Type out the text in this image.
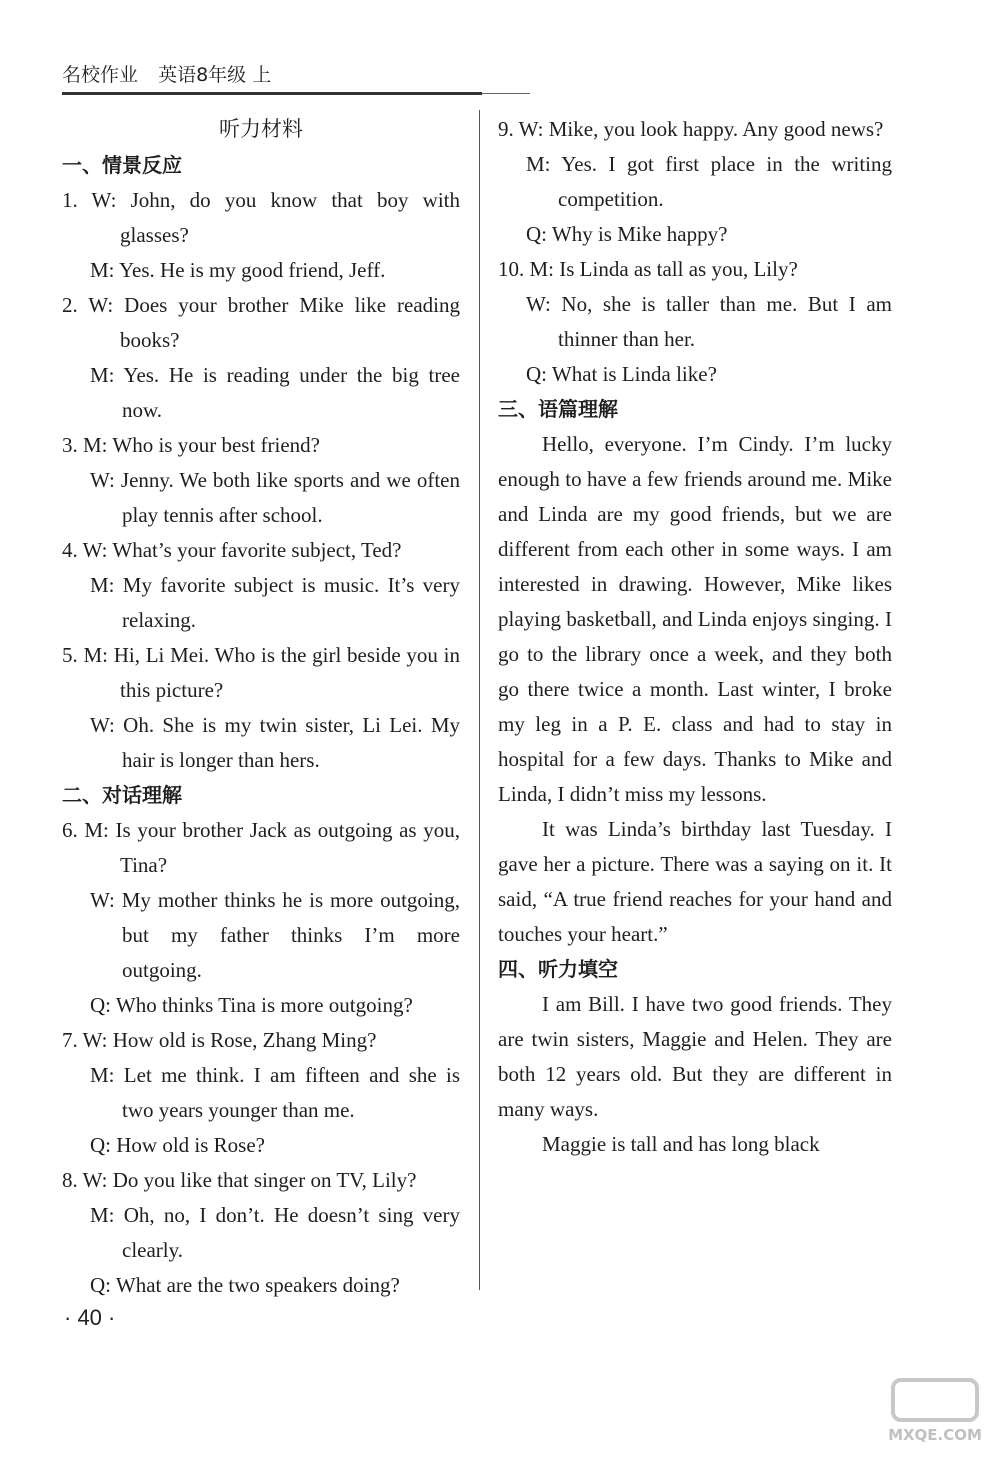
名校作业 英语8年级 上

听力材料

一、情景反应

1. W: John, do you know that boy with glasses?

M: Yes. He is my good friend, Jeff.

2. W: Does your brother Mike like reading books?

M: Yes. He is reading under the big tree now.

3. M: Who is your best friend?

W: Jenny. We both like sports and we often play tennis after school.

4. W: What’s your favorite subject, Ted?

M: My favorite subject is music. It’s very relaxing.

5. M: Hi, Li Mei. Who is the girl beside you in this picture?

W: Oh. She is my twin sister, Li Lei. My hair is longer than hers.

二、对话理解

6. M: Is your brother Jack as outgoing as you, Tina?

W: My mother thinks he is more outgoing, but my father thinks I’m more outgoing.

Q: Who thinks Tina is more outgoing?

7. W: How old is Rose, Zhang Ming?

M: Let me think. I am fifteen and she is two years younger than me.

Q: How old is Rose?

8. W: Do you like that singer on TV, Lily?

M: Oh, no, I don’t. He doesn’t sing very clearly.

Q: What are the two speakers doing?

9. W: Mike, you look happy. Any good news?

M: Yes. I got first place in the writing competition.

Q: Why is Mike happy?

10. M: Is Linda as tall as you, Lily?

W: No, she is taller than me. But I am thinner than her.

Q: What is Linda like?

三、语篇理解

Hello, everyone. I’m Cindy. I’m lucky enough to have a few friends around me. Mike and Linda are my good friends, but we are different from each other in some ways. I am interested in drawing. However, Mike likes playing basketball, and Linda enjoys singing. I go to the library once a week, and they both go there twice a month. Last winter, I broke my leg in a P. E. class and had to stay in hospital for a few days. Thanks to Mike and Linda, I didn’t miss my lessons.

It was Linda’s birthday last Tuesday. I gave her a picture. There was a saying on it. It said, “A true friend reaches for your hand and touches your heart.”

四、听力填空

I am Bill. I have two good friends. They are twin sisters, Maggie and Helen. They are both 12 years old. But they are different in many ways.

Maggie is tall and has long black

· 40 ·
MXQE.COM
